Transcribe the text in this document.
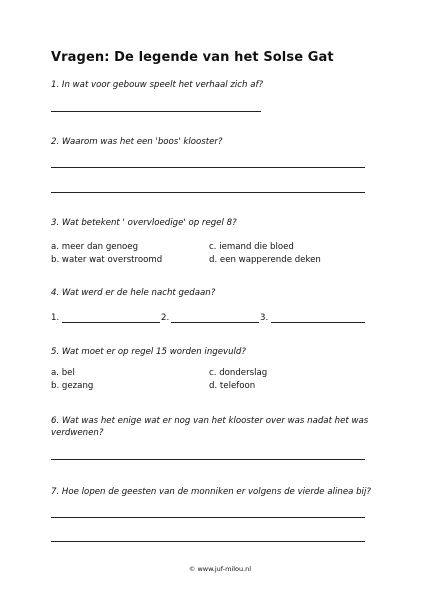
Vragen: De legende van het Solse Gat
1. In wat voor gebouw speelt het verhaal zich af?
2. Waarom was het een 'boos' klooster?
3. Wat betekent ' overvloedige' op regel 8?
a. meer dan genoeg	c. iemand die bloed
b. water wat overstroomd	d. een wapperende deken
4. Wat werd er de hele nacht gedaan?
1.	2.	3.
5. Wat moet er op regel 15 worden ingevuld?
a. bel	c. donderslag
b. gezang	d. telefoon
6. Wat was het enige wat er nog van het klooster over was nadat het was
verdwenen?
7. Hoe lopen de geesten van de monniken er volgens de vierde alinea bij?
© www.juf-milou.nl
